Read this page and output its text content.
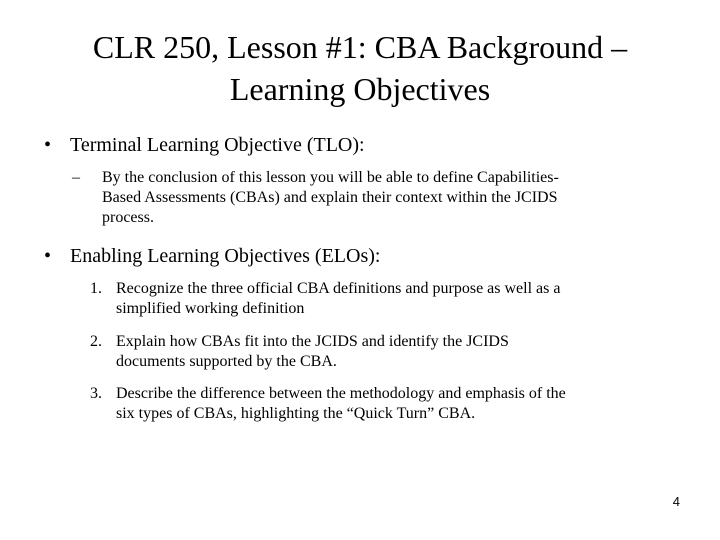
CLR 250, Lesson #1: CBA Background –
Learning Objectives
• Terminal Learning Objective (TLO):
– By the conclusion of this lesson you will be able to define Capabilities-
Based Assessments (CBAs) and explain their context within the JCIDS
process.
• Enabling Learning Objectives (ELOs):
1. Recognize the three official CBA definitions and purpose as well as a
simplified working definition
2. Explain how CBAs fit into the JCIDS and identify the JCIDS
documents supported by the CBA.
3. Describe the difference between the methodology and emphasis of the
six types of CBAs, highlighting the “Quick Turn” CBA.
4
